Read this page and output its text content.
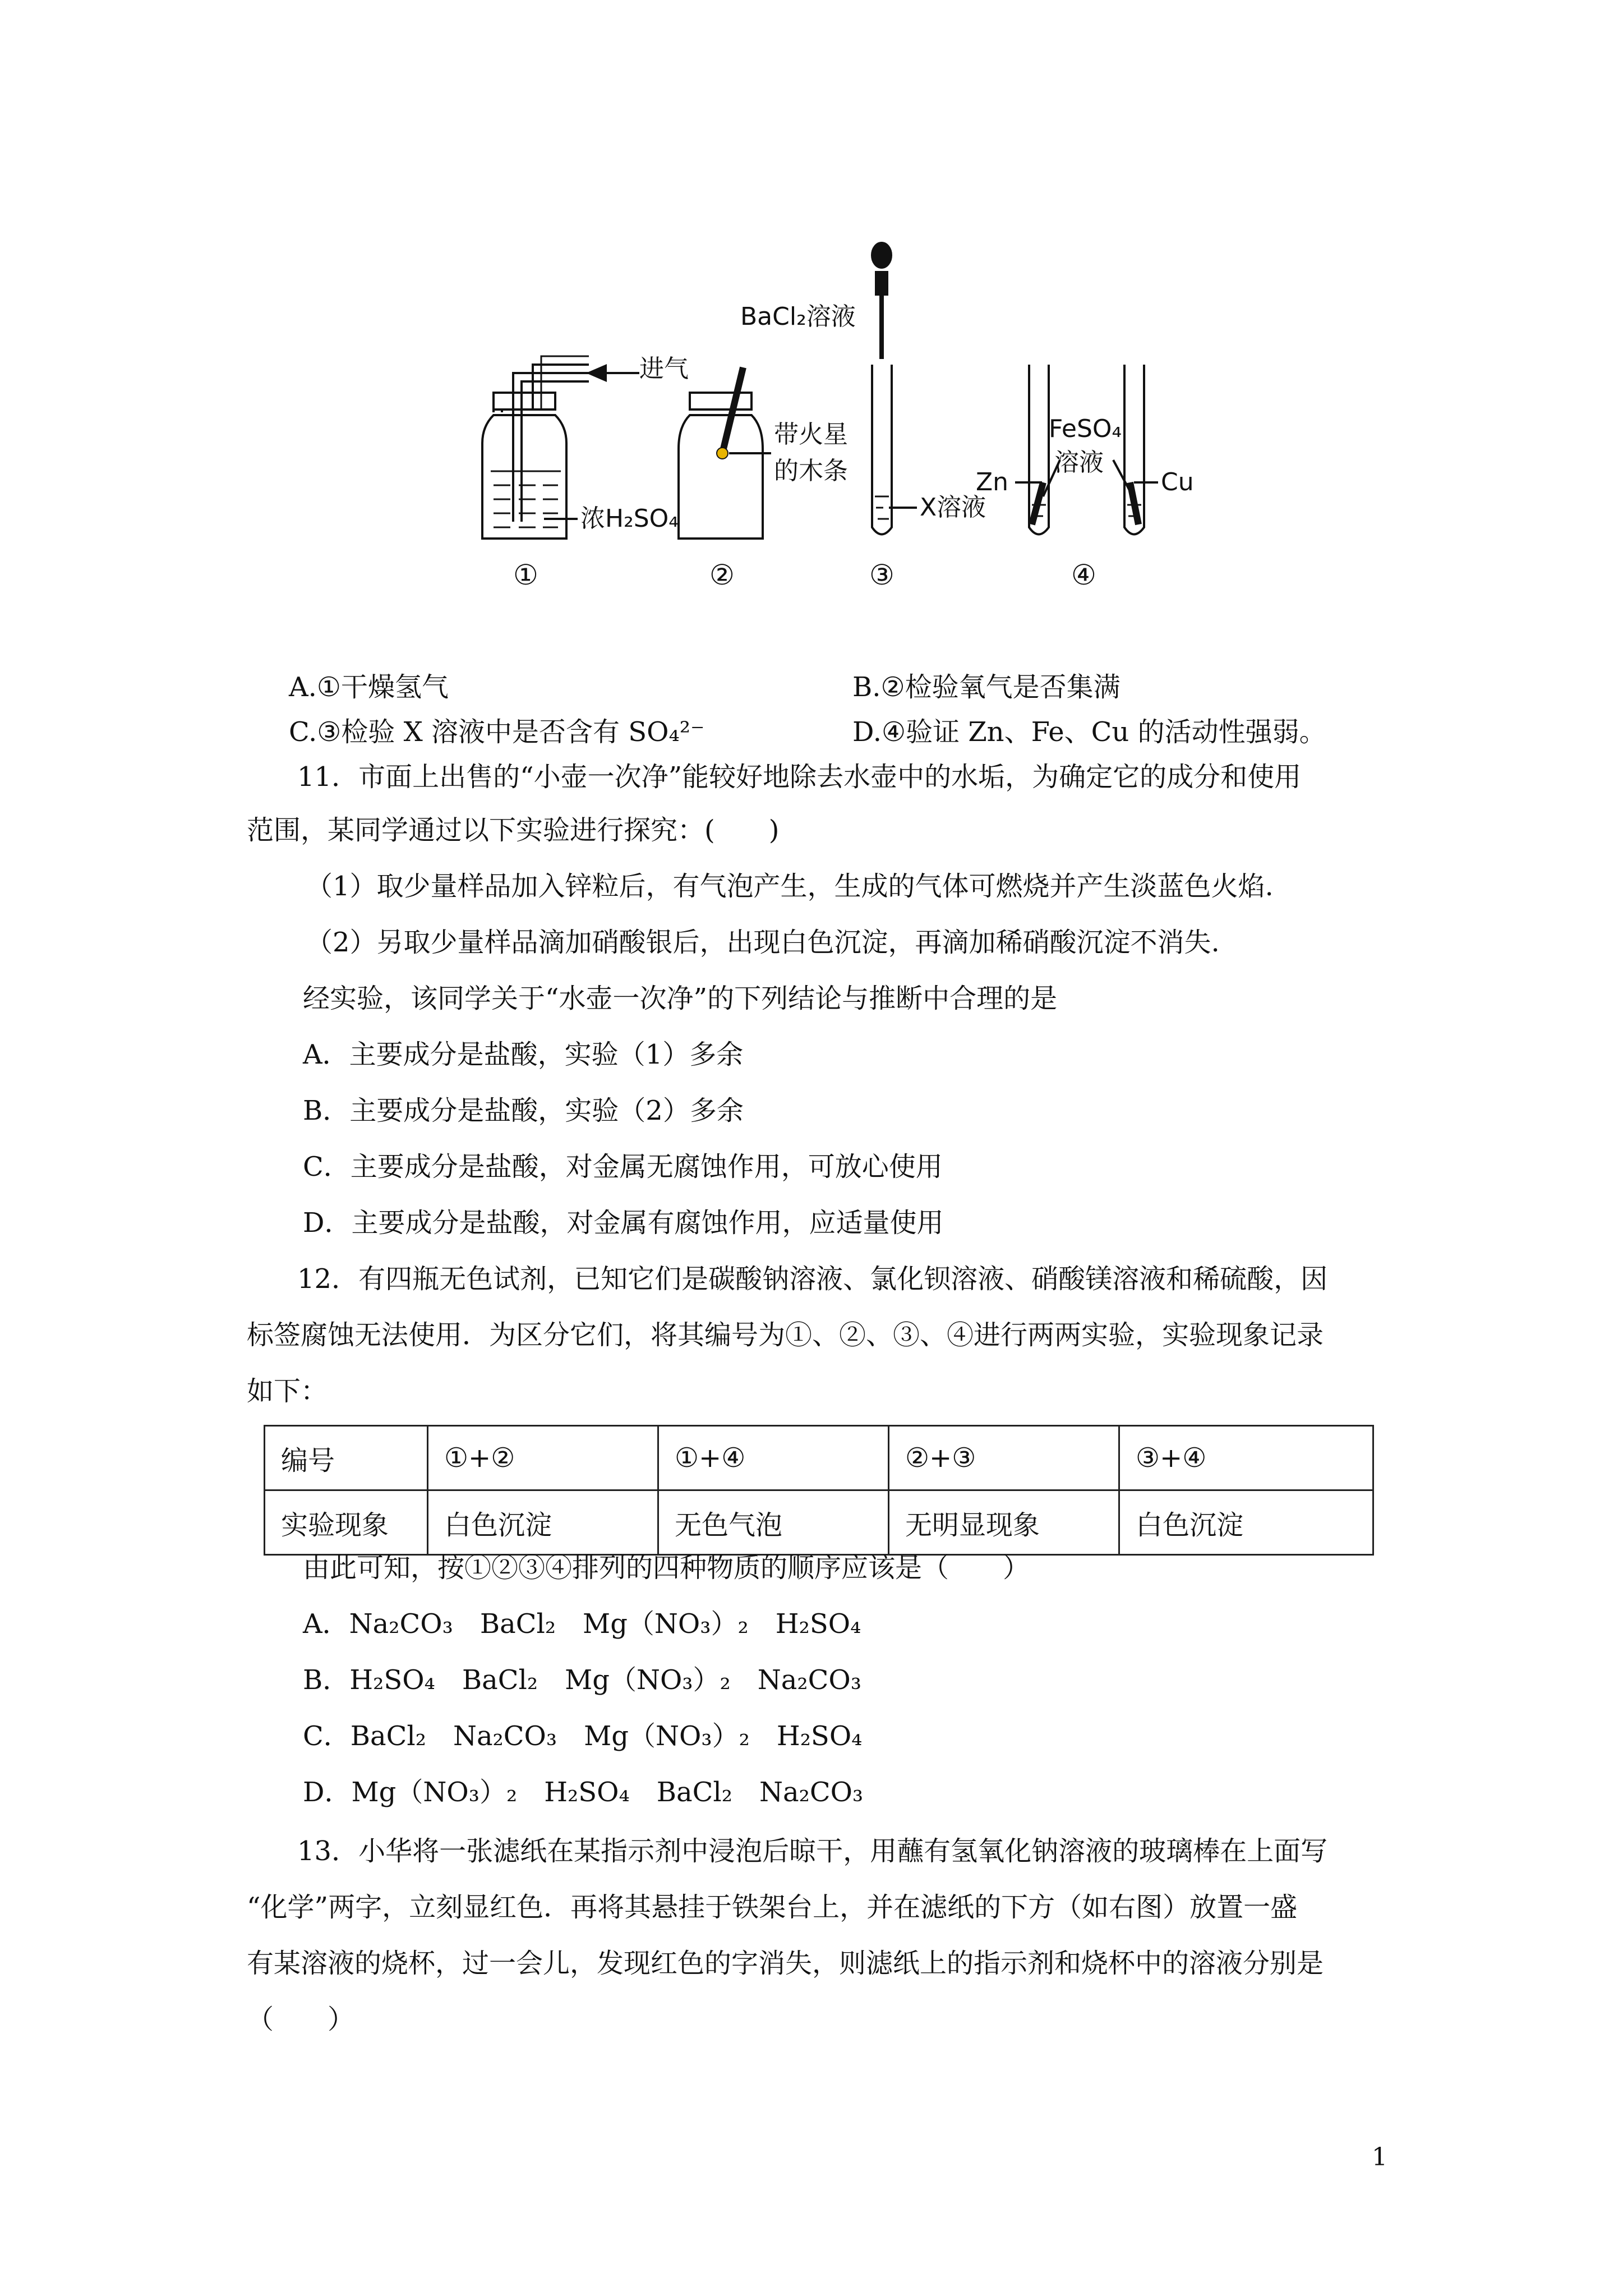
进气
浓H₂SO₄
带火星
的木条
BaCl₂溶液
X溶液
FeSO₄
溶液
Zn	Cu
①	②	③	④
A.①干燥氢气	B.②检验氧气是否集满
C.③检验 X 溶液中是否含有 SO₄²⁻	D.④验证 Zn、Fe、Cu 的活动性强弱。
11．市面上出售的“小壶一次净”能较好地除去水壶中的水垢，为确定它的成分和使用
范围，某同学通过以下实验进行探究：(　　)
（1）取少量样品加入锌粒后，有气泡产生，生成的气体可燃烧并产生淡蓝色火焰.
（2）另取少量样品滴加硝酸银后，出现白色沉淀，再滴加稀硝酸沉淀不消失.
经实验，该同学关于“水壶一次净”的下列结论与推断中合理的是
A．主要成分是盐酸，实验（1）多余
B．主要成分是盐酸，实验（2）多余
C．主要成分是盐酸，对金属无腐蚀作用，可放心使用
D．主要成分是盐酸，对金属有腐蚀作用，应适量使用
12．有四瓶无色试剂，已知它们是碳酸钠溶液、氯化钡溶液、硝酸镁溶液和稀硫酸，因
标签腐蚀无法使用．为区分它们，将其编号为①、②、③、④进行两两实验，实验现象记录
如下：
编号	①+②	①+④	②+③	③+④
实验现象	白色沉淀	无色气泡	无明显现象	白色沉淀
由此可知，按①②③④排列的四种物质的顺序应该是（　　）
A．Na₂CO₃　BaCl₂　Mg（NO₃）₂　H₂SO₄
B．H₂SO₄　BaCl₂　Mg（NO₃）₂　Na₂CO₃
C．BaCl₂　Na₂CO₃　Mg（NO₃）₂　H₂SO₄
D．Mg（NO₃）₂　H₂SO₄　BaCl₂　Na₂CO₃
13．小华将一张滤纸在某指示剂中浸泡后晾干，用蘸有氢氧化钠溶液的玻璃棒在上面写
“化学”两字，立刻显红色．再将其悬挂于铁架台上，并在滤纸的下方（如右图）放置一盛
有某溶液的烧杯，过一会儿，发现红色的字消失，则滤纸上的指示剂和烧杯中的溶液分别是
（　　）
1
